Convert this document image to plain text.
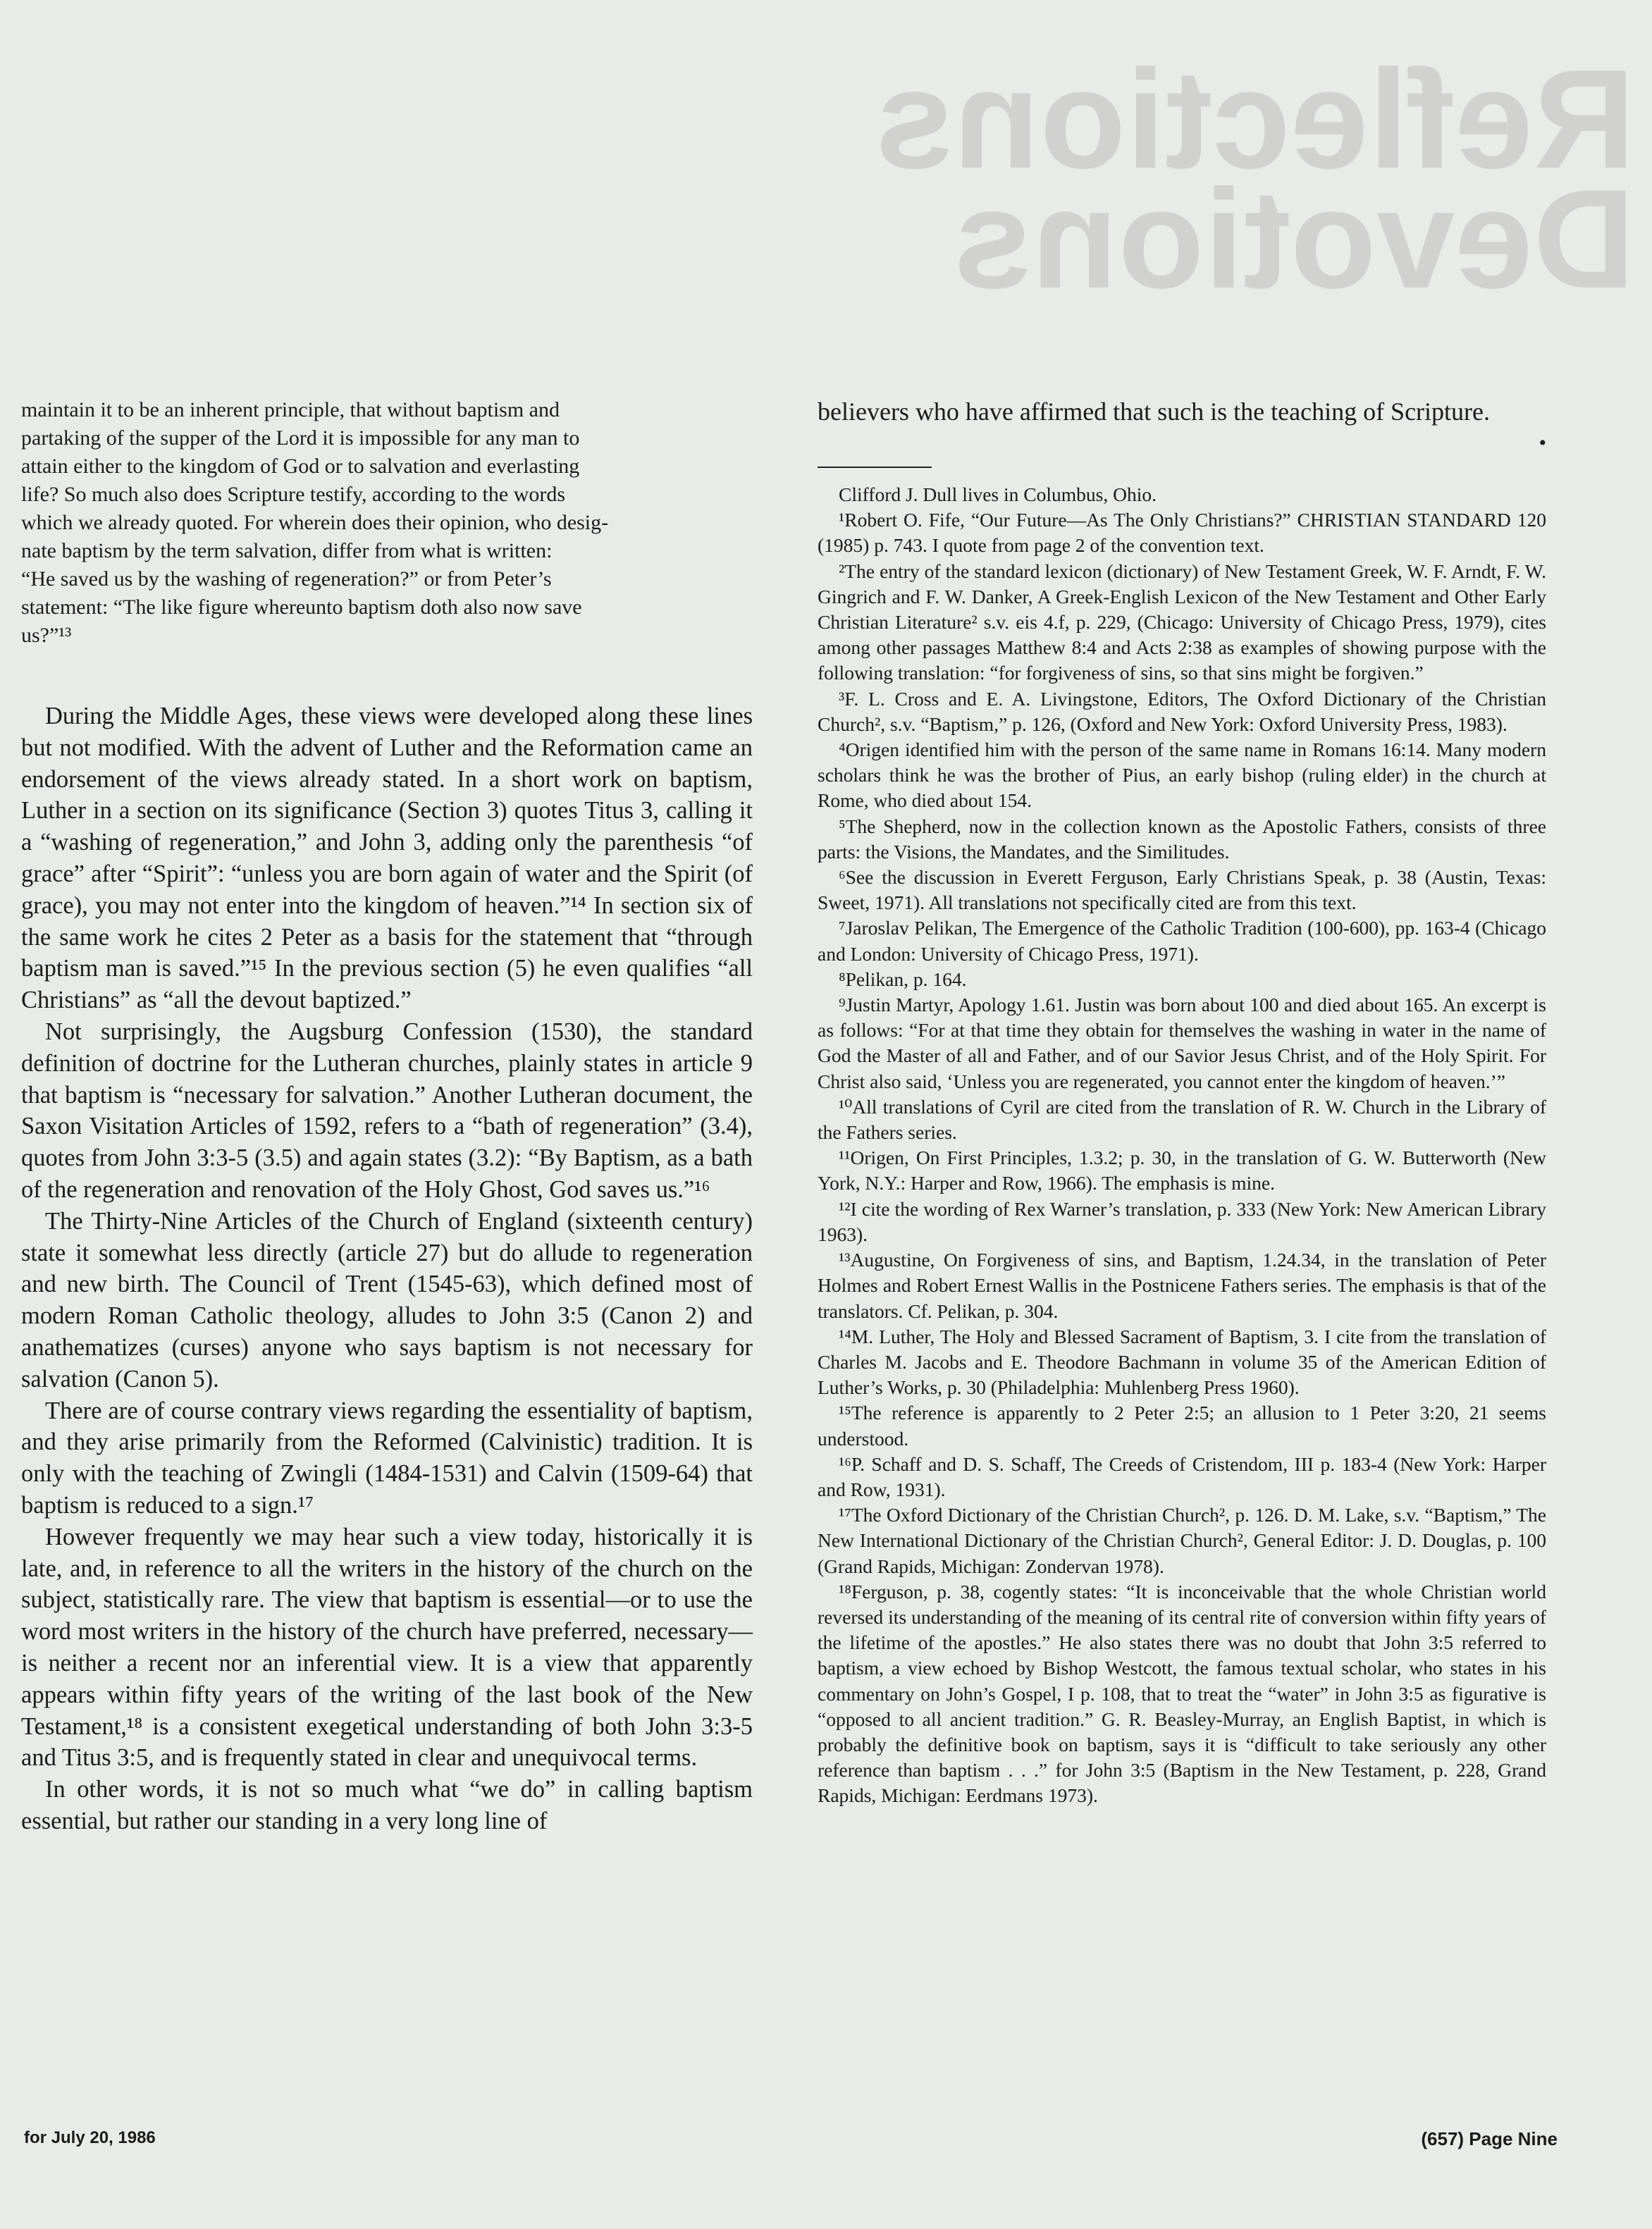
Reflections
Devotions

maintain it to be an inherent principle, that without baptism and

partaking of the supper of the Lord it is impossible for any man to

attain either to the kingdom of God or to salvation and everlasting

life? So much also does Scripture testify, according to the words

which we already quoted. For wherein does their opinion, who desig-

nate baptism by the term salvation, differ from what is written:

“He saved us by the washing of regeneration?” or from Peter’s

statement: “The like figure whereunto baptism doth also now save

us?”¹³

During the Middle Ages, these views were developed along these lines but not modified. With the advent of Luther and the Reformation came an endorsement of the views already stated. In a short work on baptism, Luther in a section on its significance (Section 3) quotes Titus 3, calling it a “washing of regeneration,” and John 3, adding only the parenthesis “of grace” after “Spirit”: “unless you are born again of water and the Spirit (of grace), you may not enter into the kingdom of heaven.”¹⁴ In section six of the same work he cites 2 Peter as a basis for the statement that “through baptism man is saved.”¹⁵ In the previous section (5) he even qualifies “all Christians” as “all the devout baptized.”

Not surprisingly, the Augsburg Confession (1530), the standard definition of doctrine for the Lutheran churches, plainly states in article 9 that baptism is “necessary for salvation.” Another Lutheran document, the Saxon Visitation Articles of 1592, refers to a “bath of regeneration” (3.4), quotes from John 3:3-5 (3.5) and again states (3.2): “By Baptism, as a bath of the regeneration and renovation of the Holy Ghost, God saves us.”¹⁶

The Thirty-Nine Articles of the Church of England (sixteenth century) state it somewhat less directly (article 27) but do allude to regeneration and new birth. The Council of Trent (1545-63), which defined most of modern Roman Catholic theology, alludes to John 3:5 (Canon 2) and anathematizes (curses) anyone who says baptism is not necessary for salvation (Canon 5).

There are of course contrary views regarding the essentiality of baptism, and they arise primarily from the Reformed (Calvinistic) tradition. It is only with the teaching of Zwingli (1484-1531) and Calvin (1509-64) that baptism is reduced to a sign.¹⁷

However frequently we may hear such a view today, historically it is late, and, in reference to all the writers in the history of the church on the subject, statistically rare. The view that baptism is essential—or to use the word most writers in the history of the church have preferred, necessary—is neither a recent nor an inferential view. It is a view that apparently appears within fifty years of the writing of the last book of the New Testament,¹⁸ is a consistent exegetical understanding of both John 3:3-5 and Titus 3:5, and is frequently stated in clear and unequivocal terms.

In other words, it is not so much what “we do” in calling baptism essential, but rather our standing in a very long line of

believers who have affirmed that such is the teaching of Scripture.

•

Clifford J. Dull lives in Columbus, Ohio.

¹Robert O. Fife, “Our Future—As The Only Christians?” CHRISTIAN STANDARD 120 (1985) p. 743. I quote from page 2 of the convention text.

²The entry of the standard lexicon (dictionary) of New Testament Greek, W. F. Arndt, F. W. Gingrich and F. W. Danker, A Greek-English Lexicon of the New Testament and Other Early Christian Literature² s.v. eis 4.f, p. 229, (Chicago: University of Chicago Press, 1979), cites among other passages Matthew 8:4 and Acts 2:38 as examples of showing purpose with the following translation: “for forgiveness of sins, so that sins might be forgiven.”

³F. L. Cross and E. A. Livingstone, Editors, The Oxford Dictionary of the Christian Church², s.v. “Baptism,” p. 126, (Oxford and New York: Oxford University Press, 1983).

⁴Origen identified him with the person of the same name in Romans 16:14. Many modern scholars think he was the brother of Pius, an early bishop (ruling elder) in the church at Rome, who died about 154.

⁵The Shepherd, now in the collection known as the Apostolic Fathers, consists of three parts: the Visions, the Mandates, and the Similitudes.

⁶See the discussion in Everett Ferguson, Early Christians Speak, p. 38 (Austin, Texas: Sweet, 1971). All translations not specifically cited are from this text.

⁷Jaroslav Pelikan, The Emergence of the Catholic Tradition (100-600), pp. 163-4 (Chicago and London: University of Chicago Press, 1971).

⁸Pelikan, p. 164.

⁹Justin Martyr, Apology 1.61. Justin was born about 100 and died about 165. An excerpt is as follows: “For at that time they obtain for themselves the washing in water in the name of God the Master of all and Father, and of our Savior Jesus Christ, and of the Holy Spirit. For Christ also said, ‘Unless you are regenerated, you cannot enter the kingdom of heaven.’”

¹⁰All translations of Cyril are cited from the translation of R. W. Church in the Library of the Fathers series.

¹¹Origen, On First Principles, 1.3.2; p. 30, in the translation of G. W. Butterworth (New York, N.Y.: Harper and Row, 1966). The emphasis is mine.

¹²I cite the wording of Rex Warner’s translation, p. 333 (New York: New American Library 1963).

¹³Augustine, On Forgiveness of sins, and Baptism, 1.24.34, in the translation of Peter Holmes and Robert Ernest Wallis in the Postnicene Fathers series. The emphasis is that of the translators. Cf. Pelikan, p. 304.

¹⁴M. Luther, The Holy and Blessed Sacrament of Baptism, 3. I cite from the translation of Charles M. Jacobs and E. Theodore Bachmann in volume 35 of the American Edition of Luther’s Works, p. 30 (Philadelphia: Muhlenberg Press 1960).

¹⁵The reference is apparently to 2 Peter 2:5; an allusion to 1 Peter 3:20, 21 seems understood.

¹⁶P. Schaff and D. S. Schaff, The Creeds of Cristendom, III p. 183-4 (New York: Harper and Row, 1931).

¹⁷The Oxford Dictionary of the Christian Church², p. 126. D. M. Lake, s.v. “Baptism,” The New International Dictionary of the Christian Church², General Editor: J. D. Douglas, p. 100 (Grand Rapids, Michigan: Zondervan 1978).

¹⁸Ferguson, p. 38, cogently states: “It is inconceivable that the whole Christian world reversed its understanding of the meaning of its central rite of conversion within fifty years of the lifetime of the apostles.” He also states there was no doubt that John 3:5 referred to baptism, a view echoed by Bishop Westcott, the famous textual scholar, who states in his commentary on John’s Gospel, I p. 108, that to treat the “water” in John 3:5 as figurative is “opposed to all ancient tradition.” G. R. Beasley-Murray, an English Baptist, in which is probably the definitive book on baptism, says it is “difficult to take seriously any other reference than baptism . . .” for John 3:5 (Baptism in the New Testament, p. 228, Grand Rapids, Michigan: Eerdmans 1973).

for July 20, 1986	(657) Page Nine
